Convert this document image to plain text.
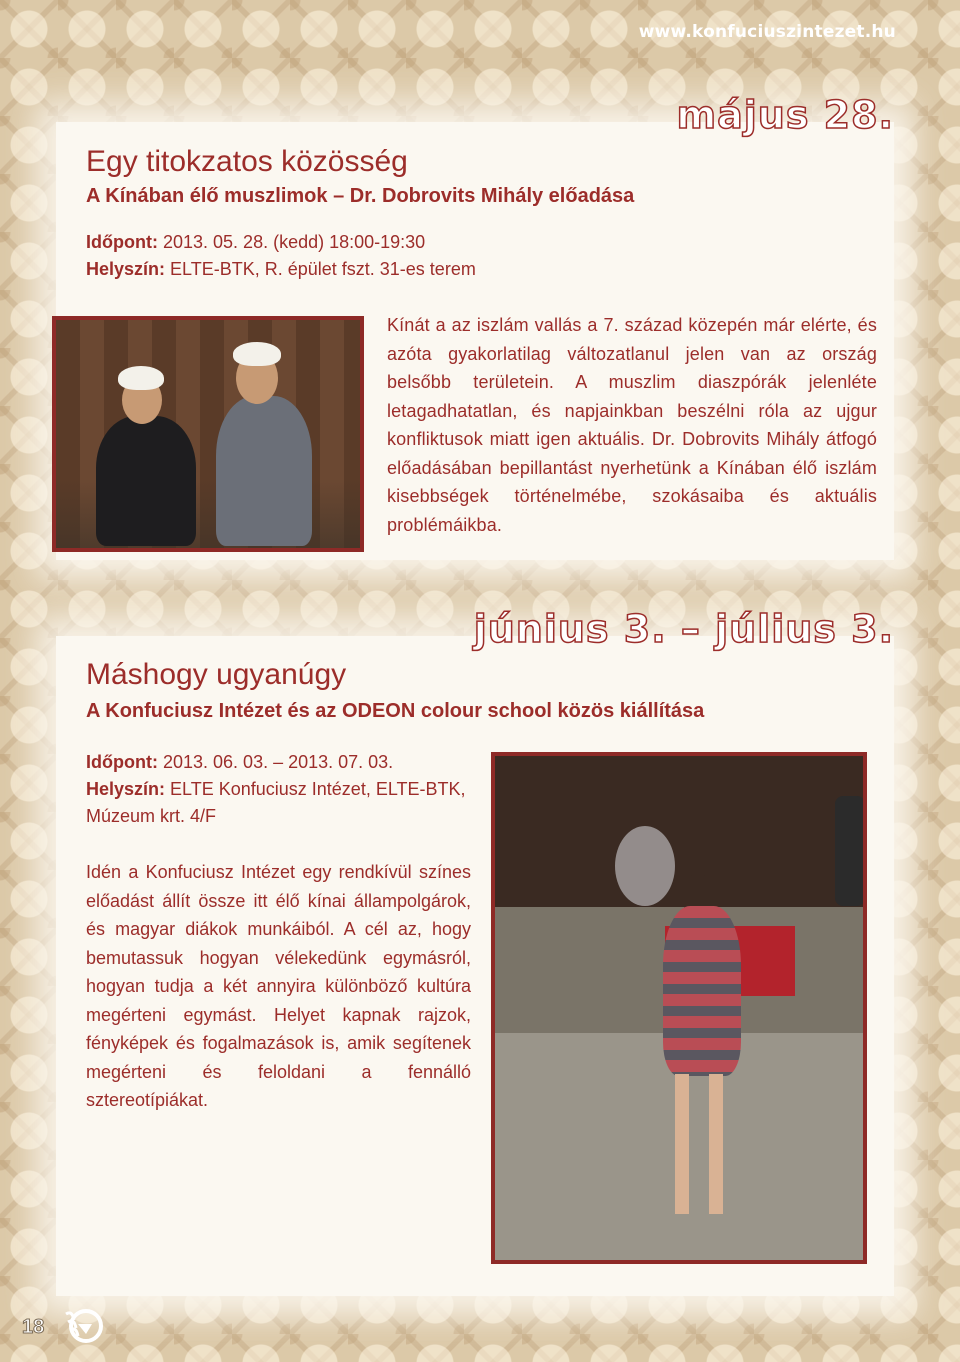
www.konfuciuszintezet.hu
május 28.
Egy titokzatos közösség
A Kínában élő muszlimok – Dr. Dobrovits Mihály előadása
Időpont: 2013. 05. 28. (kedd) 18:00-19:30
Helyszín: ELTE-BTK, R. épület fszt. 31-es terem

Kínát a az iszlám vallás a 7. század közepén már elérte, és azóta gyakorlatilag változatlanul jelen van az ország belsőbb területein. A muszlim diaszpórák jelenléte letagadhatatlan, és napjainkban beszélni róla az ujgur konfliktusok miatt igen aktuális. Dr. Dobrovits Mihály átfogó előadásában bepillantást nyerhetünk a Kínában élő iszlám kisebbségek történelmébe, szokásaiba és aktuális problémáikba.

június 3. – július 3.
Máshogy ugyanúgy
A Konfuciusz Intézet és az ODEON colour school közös kiállítása
Időpont: 2013. 06. 03. – 2013. 07. 03.
Helyszín: ELTE Konfuciusz Intézet, ELTE-BTK, Múzeum krt. 4/F

Idén a Konfuciusz Intézet egy rendkívül színes előadást állít össze itt élő kínai állampolgárok, és magyar diákok munkáiból. A cél az, hogy bemutassuk hogyan vélekedünk egymásról, hogyan tudja a két annyira különböző kultúra megérteni egymást. Helyet kapnak rajzok, fényképek és fogalmazások is, amik segítenek megérteni és feloldani a fennálló sztereotípiákat.

18
